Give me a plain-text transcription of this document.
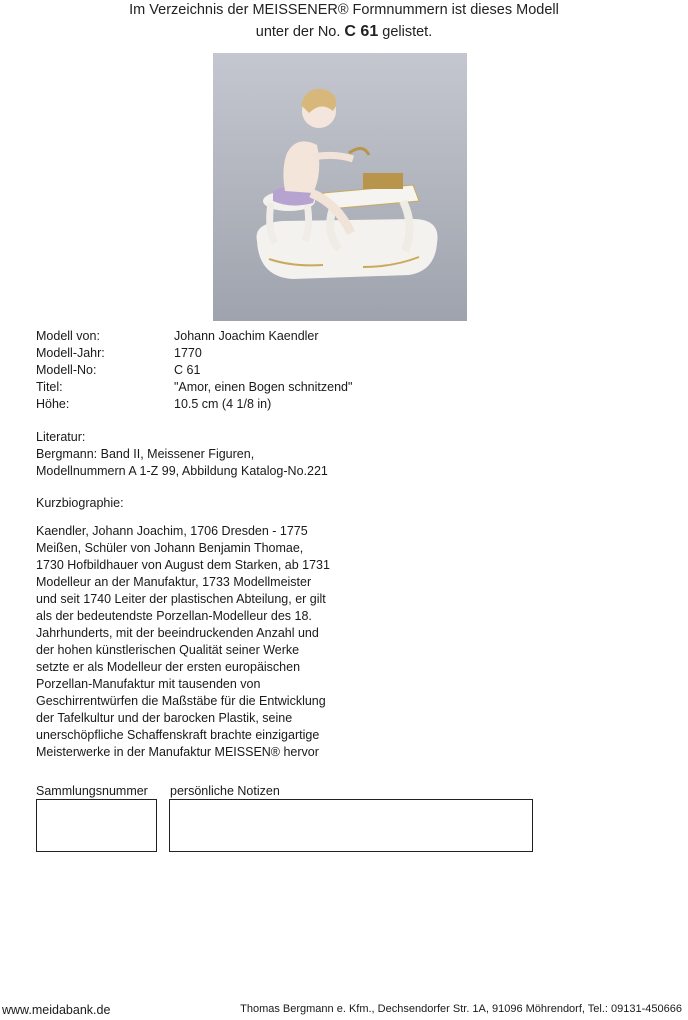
Im Verzeichnis der MEISSENER® Formnummern ist dieses Modell
unter der No. C 61 gelistet.
Modell von:	Johann Joachim Kaendler
Modell-Jahr:	1770
Modell-No:	C 61
Titel:	"Amor, einen Bogen schnitzend"
Höhe:	10.5 cm (4 1/8 in)
Literatur:
Bergmann: Band II, Meissener Figuren,
Modellnummern A 1-Z 99, Abbildung Katalog-No.221
Kurzbiographie:
Kaendler, Johann Joachim, 1706 Dresden - 1775
Meißen, Schüler von Johann Benjamin Thomae,
1730 Hofbildhauer von August dem Starken, ab 1731
Modelleur an der Manufaktur, 1733 Modellmeister
und seit 1740 Leiter der plastischen Abteilung, er gilt
als der bedeutendste Porzellan-Modelleur des 18.
Jahrhunderts, mit der beeindruckenden Anzahl und
der hohen künstlerischen Qualität seiner Werke
setzte er als Modelleur der ersten europäischen
Porzellan-Manufaktur mit tausenden von
Geschirrentwürfen die Maßstäbe für die Entwicklung
der Tafelkultur und der barocken Plastik, seine
unerschöpfliche Schaffenskraft brachte einzigartige
Meisterwerke in der Manufaktur MEISSEN® hervor
Sammlungsnummer persönliche Notizen
www.meidabank.de	Thomas Bergmann e. Kfm., Dechsendorfer Str. 1A, 91096 Möhrendorf, Tel.: 09131-450666
